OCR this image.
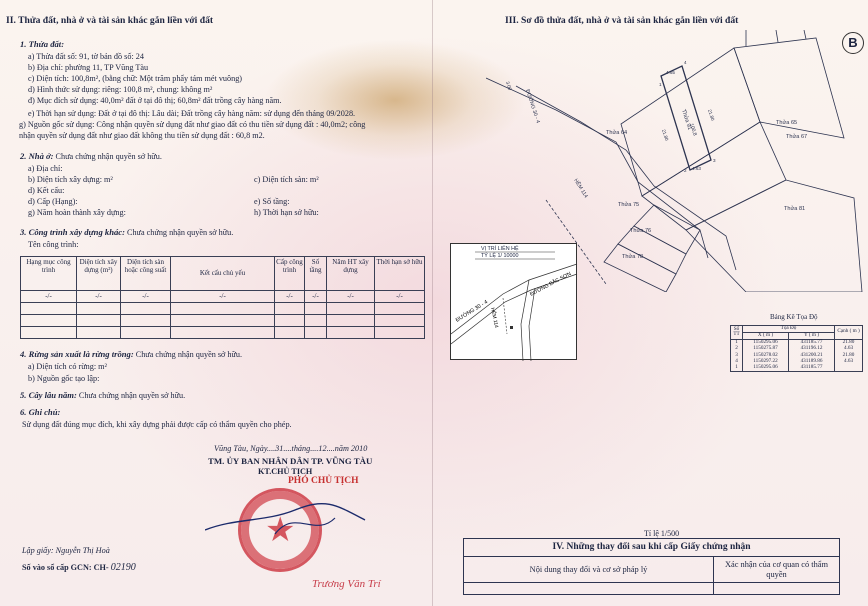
II. Thửa đất, nhà ở và tài sản khác gắn liền với đất
1. Thửa đất:
a) Thửa đất số: 91, tờ bản đồ số: 24
b) Địa chỉ: phường 11, TP Vũng Tàu
c) Diện tích: 100,8m², (bằng chữ: Một trăm phẩy tám mét vuông)
d) Hình thức sử dụng: riêng: 100,8 m², chung: không m²
đ) Mục đích sử dụng: 40,0m² đất ở tại đô thị; 60,8m² đất trồng cây hàng năm.
e) Thời hạn sử dụng: Đất ở tại đô thị: Lâu dài; Đất trồng cây hàng năm: sử dụng đến tháng 09/2028.
g) Nguồn gốc sử dụng: Công nhận quyền sử dụng đất như giao đất có thu tiền sử dụng đất : 40,0m2; công
nhận quyền sử dụng đất như giao đất không thu tiền sử dụng đất : 60,8 m2.
2. Nhà ở: Chưa chứng nhận quyền sở hữu.
a) Địa chỉ:
b) Diện tích xây dựng: m²	c) Diện tích sàn: m²
d) Kết cấu:
d) Cấp (Hạng):	e) Số tầng:
g) Năm hoàn thành xây dựng:	h) Thời hạn sở hữu:
3. Công trình xây dựng khác: Chưa chứng nhận quyền sở hữu.
Tên công trình:
Hạng mục công trình	Diện tích xây dựng (m²)	Diện tích sàn hoặc công suất	Kết cấu chủ yếu	Cấp công trình	Số tầng	Năm HT xây dựng	Thời hạn sở hữu
-/-	-/-	-/-	-/-	-/-	-/-	-/-	-/-

4. Rừng sản xuất là rừng trồng: Chưa chứng nhận quyền sở hữu.
a) Diện tích có rừng: m²
b) Nguồn gốc tạo lập:
5. Cây lâu năm: Chưa chứng nhận quyền sở hữu.
6. Ghi chú:
Sử dụng đất đúng mục đích, khi xây dựng phải được cấp có thẩm quyền cho phép.
Vũng Tàu, Ngày....31....tháng....12....năm 2010
TM. ỦY BAN NHÂN DÂN TP. VŨNG TÀU
KT.CHỦ TỊCH
PHÓ CHỦ TỊCH
★
Trương Văn Trí
Lập giấy: Nguyễn Thị Hoà
Số vào sổ cấp GCN: CH- 02190
III. Sơ đồ thửa đất, nhà ở và tài sản khác gắn liền với đất
B
Thửa 64
Thửa 65
Thửa 67
Thửa 75
Thửa 76
Thửa 78
Thửa 81
Thửa 91
100,8
4.65
21.80
4.63
21.80
1
2
3
4
ĐƯỜNG 30 - 4
HẺM 114
3.00
VỊ TRÍ LIÊN HỆ
TỶ LỆ 1/ 10000
ĐƯỜNG 30 - 4
ĐƯỜNG BẮC SƠN
HẺM 114	Bảng Kê Tọa Độ
Số TT	Tọa Độ		Cạnh ( m )
	X ( m )	Y ( m )	
1	1150295.06	431185.77	21.80
2	1150275.87	431196.12	4.63
3	1150278.02	431200.21	21.80
4	1150297.22	431189.86	4.63
1	1150295.06	431185.77	
Tỉ lệ 1/500
IV. Những thay đổi sau khi cấp Giấy chứng nhận	
Nội dung thay đổi và cơ sở pháp lý	Xác nhận của cơ quan có thẩm quyền
